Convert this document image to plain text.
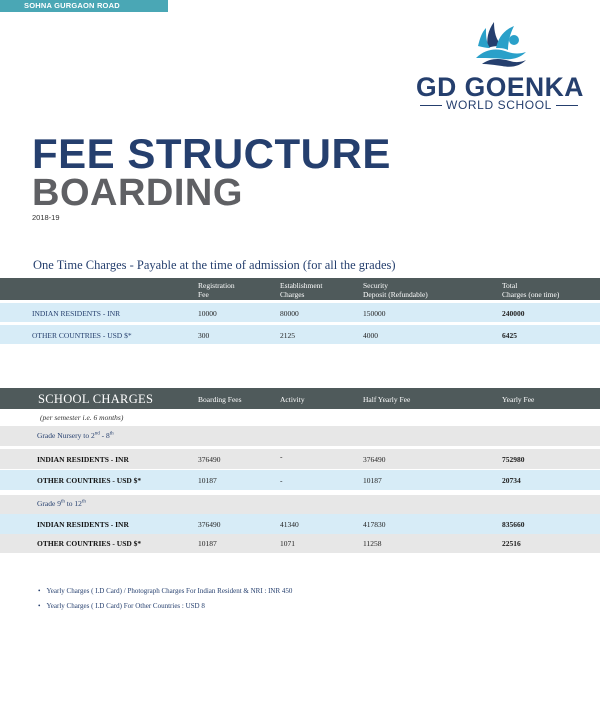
SOHNA GURGAON ROAD
GD GOENKA
WORLD SCHOOL
FEE STRUCTURE
BOARDING
2018-19
One Time Charges - Payable at the time of admission (for all the grades)
Registration
Fee
Establishment
Charges
Security
Deposit (Refundable)
Total
Charges (one time)
INDIAN RESIDENTS - INR	10000	80000	150000	240000
OTHER COUNTRIES - USD $*	300	2125	4000	6425
SCHOOL CHARGES	Boarding Fees	Activity	Half Yearly Fee	Yearly Fee
(per semester i.e. 6 months)
Grade Nursery to 2nd - 8th
INDIAN RESIDENTS - INR	376490	-	376490	752980
OTHER COUNTRIES - USD $*	10187	-	10187	20734
Grade 9th to 12th
INDIAN RESIDENTS - INR	376490	41340	417830	835660
OTHER COUNTRIES - USD $*	10187	1071	11258	22516
• Yearly Charges ( I.D Card) / Photograph Charges For Indian Resident & NRI : INR 450
• Yearly Charges ( I.D Card) For Other Countries : USD 8
